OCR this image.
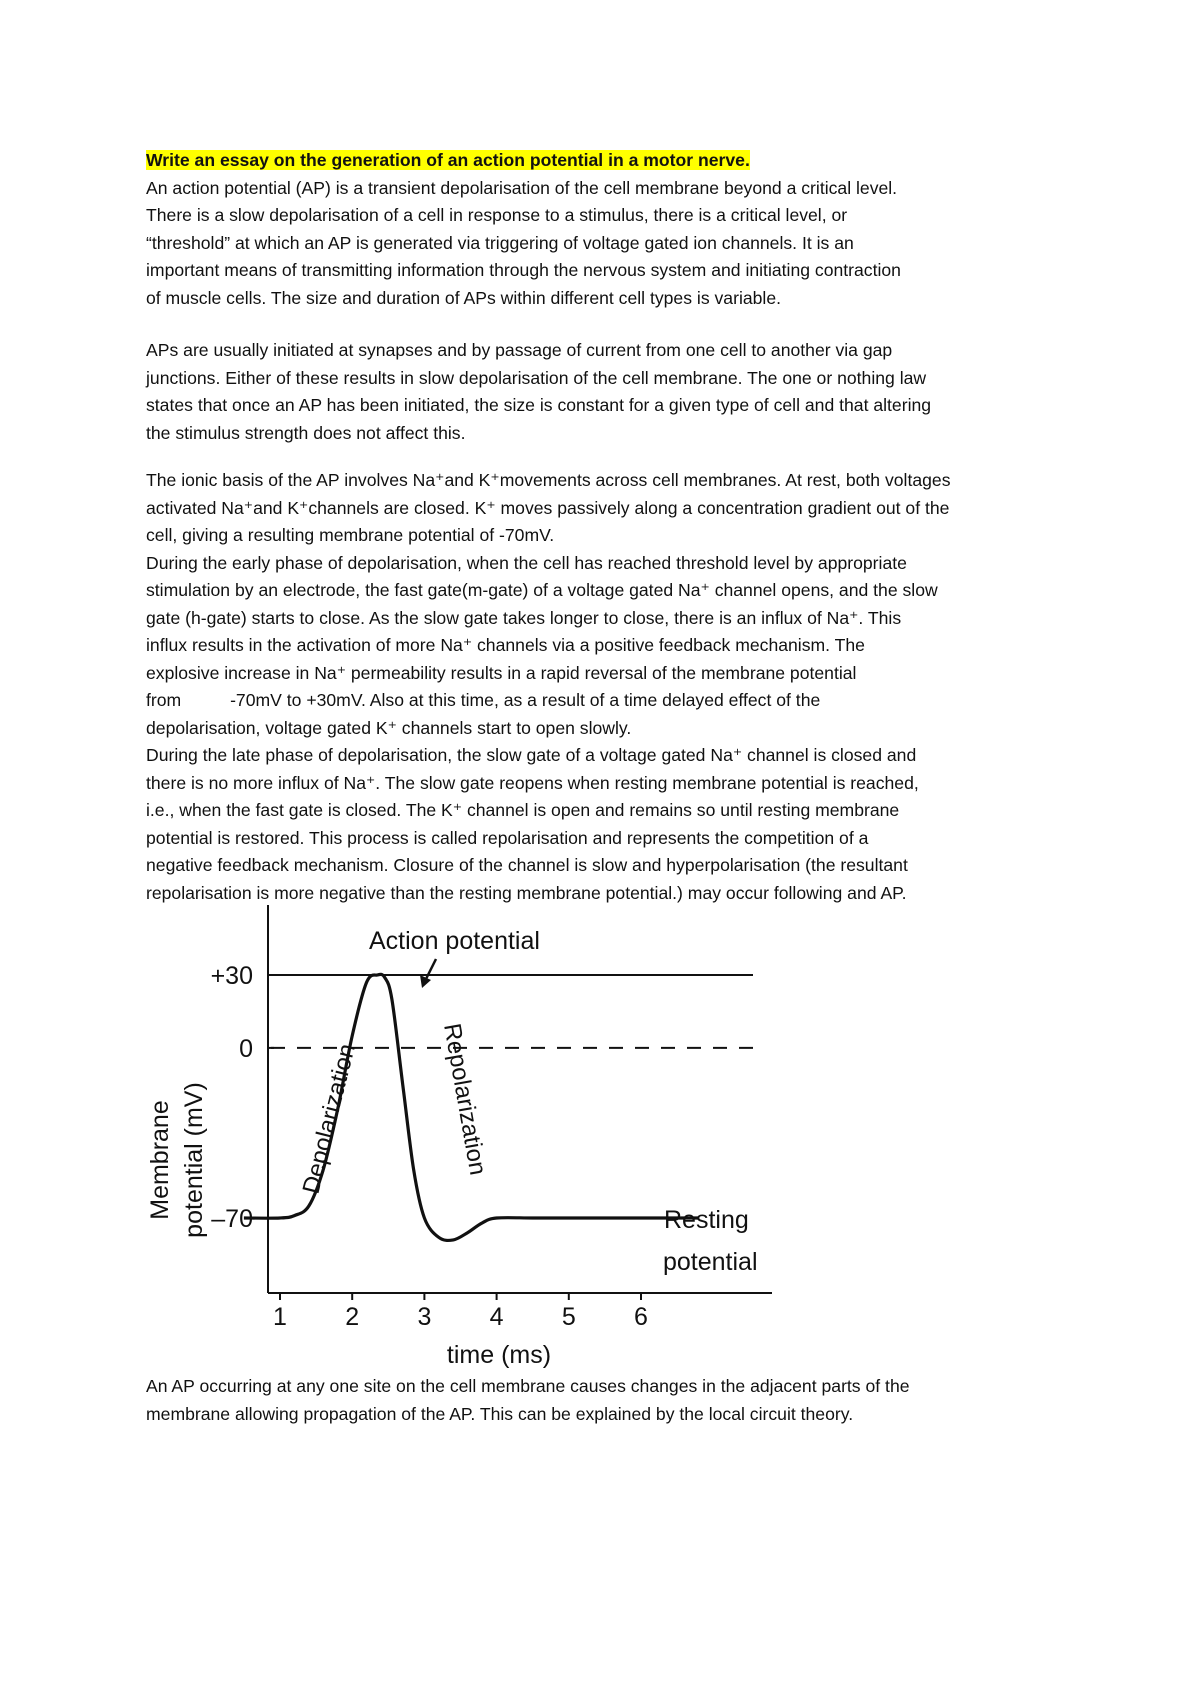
Write an essay on the generation of an action potential in a motor nerve.
An action potential (AP) is a transient depolarisation of the cell membrane beyond a critical level.
There is a slow depolarisation of a cell in response to a stimulus, there is a critical level, or
“threshold” at which an AP is generated via triggering of voltage gated ion channels. It is an
important means of transmitting information through the nervous system and initiating contraction
of muscle cells. The size and duration of APs within different cell types is variable.
APs are usually initiated at synapses and by passage of current from one cell to another via gap
junctions. Either of these results in slow depolarisation of the cell membrane. The one or nothing law
states that once an AP has been initiated, the size is constant for a given type of cell and that altering
the stimulus strength does not affect this.
The ionic basis of the AP involves Na⁺and K⁺movements across cell membranes. At rest, both voltages
activated Na⁺and K⁺channels are closed. K⁺ moves passively along a concentration gradient out of the
cell, giving a resulting membrane potential of -70mV.
During the early phase of depolarisation, when the cell has reached threshold level by appropriate
stimulation by an electrode, the fast gate(m-gate) of a voltage gated Na⁺ channel opens, and the slow
gate (h-gate) starts to close. As the slow gate takes longer to close, there is an influx of Na⁺. This
influx results in the activation of more Na⁺ channels via a positive feedback mechanism. The
explosive increase in Na⁺ permeability results in a rapid reversal of the membrane potential
from          -70mV to +30mV. Also at this time, as a result of a time delayed effect of the
depolarisation, voltage gated K⁺ channels start to open slowly.
During the late phase of depolarisation, the slow gate of a voltage gated Na⁺ channel is closed and
there is no more influx of Na⁺. The slow gate reopens when resting membrane potential is reached,
i.e., when the fast gate is closed. The K⁺ channel is open and remains so until resting membrane
potential is restored. This process is called repolarisation and represents the competition of a
negative feedback mechanism. Closure of the channel is slow and hyperpolarisation (the resultant
repolarisation is more negative than the resting membrane potential.) may occur following and AP.
Membrane potential (mV)
+30
0
–70
1 2 3 4 5 6
Action potential
Depolarization	Repolarization
Resting
potential
time (ms)
An AP occurring at any one site on the cell membrane causes changes in the adjacent parts of the
membrane allowing propagation of the AP. This can be explained by the local circuit theory.
